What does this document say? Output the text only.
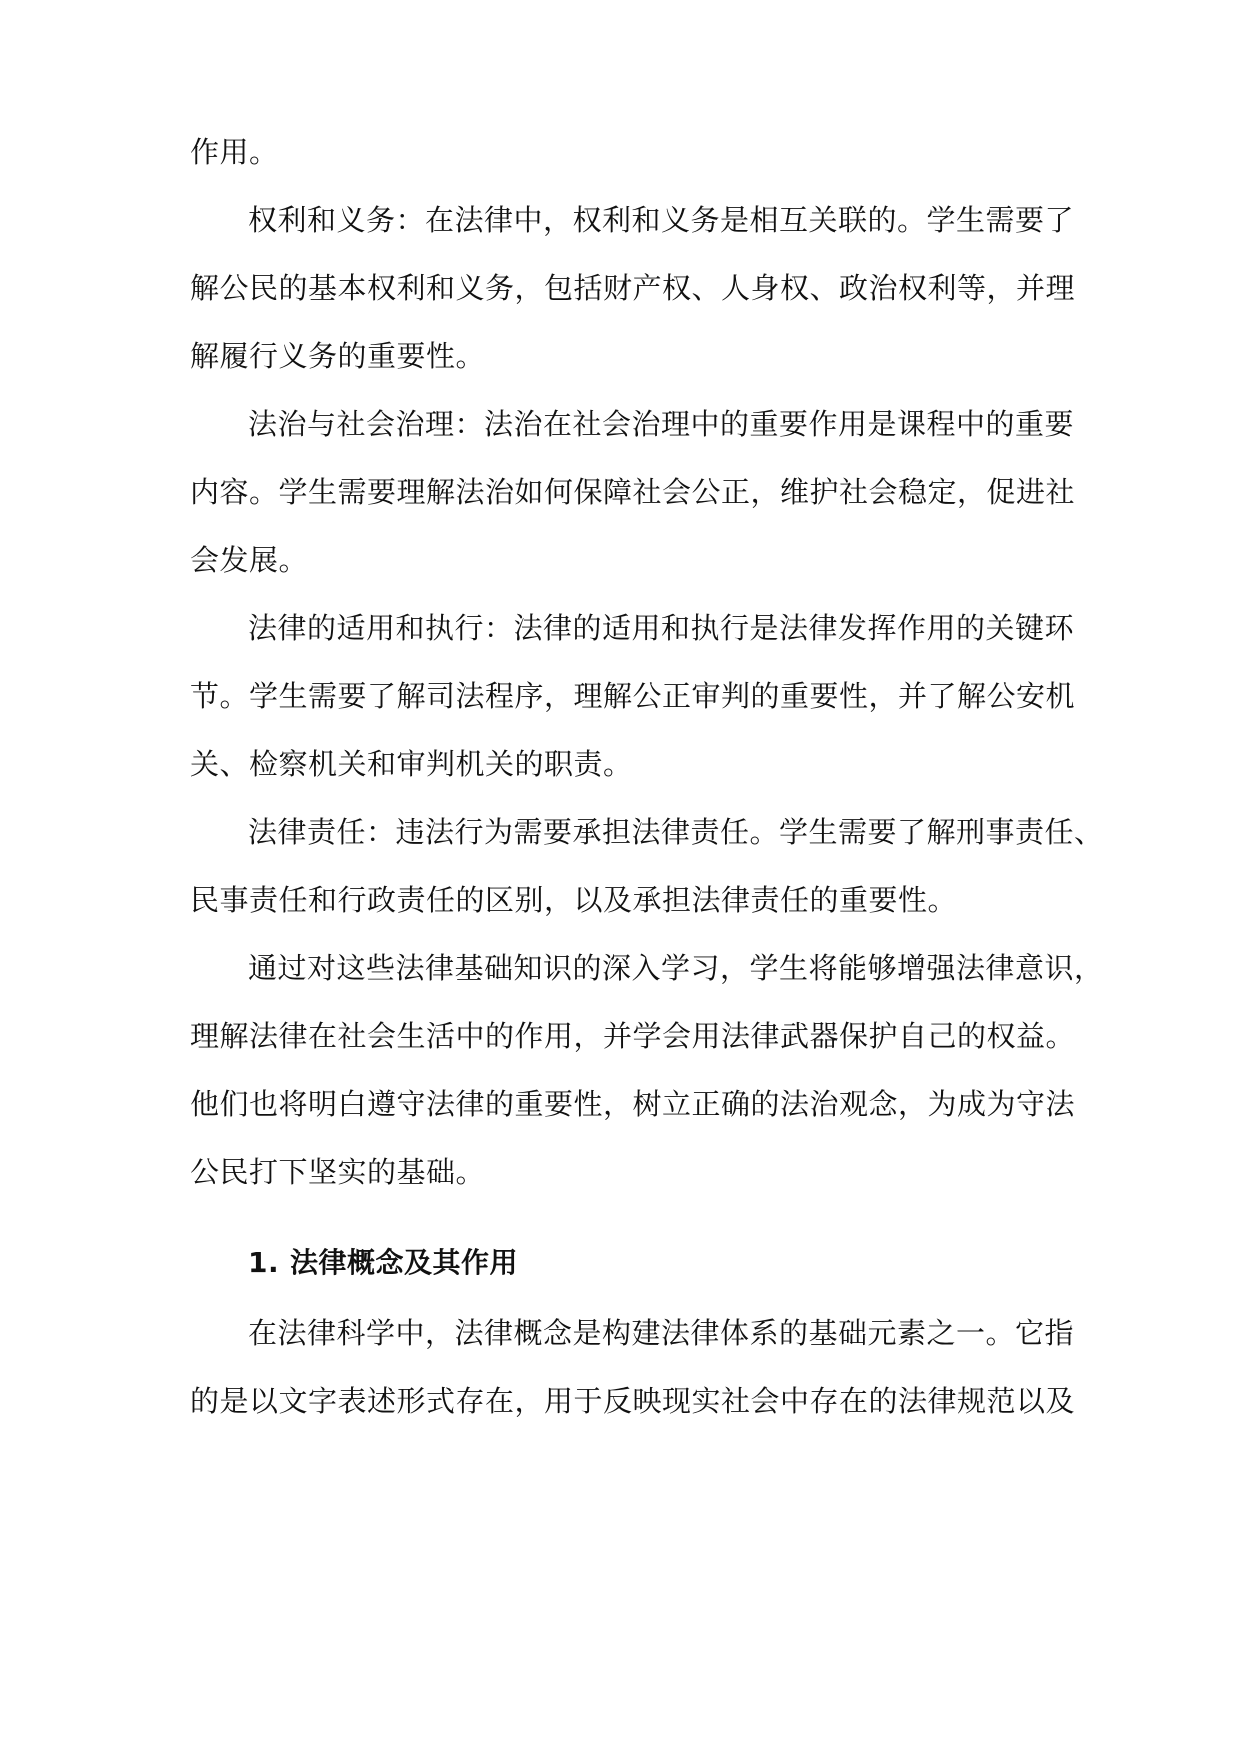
作用。
权利和义务：在法律中，权利和义务是相互关联的。学生需要了
解公民的基本权利和义务，包括财产权、人身权、政治权利等，并理
解履行义务的重要性。
法治与社会治理：法治在社会治理中的重要作用是课程中的重要
内容。学生需要理解法治如何保障社会公正，维护社会稳定，促进社
会发展。
法律的适用和执行：法律的适用和执行是法律发挥作用的关键环
节。学生需要了解司法程序，理解公正审判的重要性，并了解公安机
关、检察机关和审判机关的职责。
法律责任：违法行为需要承担法律责任。学生需要了解刑事责任、
民事责任和行政责任的区别，以及承担法律责任的重要性。
通过对这些法律基础知识的深入学习，学生将能够增强法律意识，
理解法律在社会生活中的作用，并学会用法律武器保护自己的权益。
他们也将明白遵守法律的重要性，树立正确的法治观念，为成为守法
公民打下坚实的基础。
1. 法律概念及其作用
在法律科学中，法律概念是构建法律体系的基础元素之一。它指
的是以文字表述形式存在，用于反映现实社会中存在的法律规范以及
